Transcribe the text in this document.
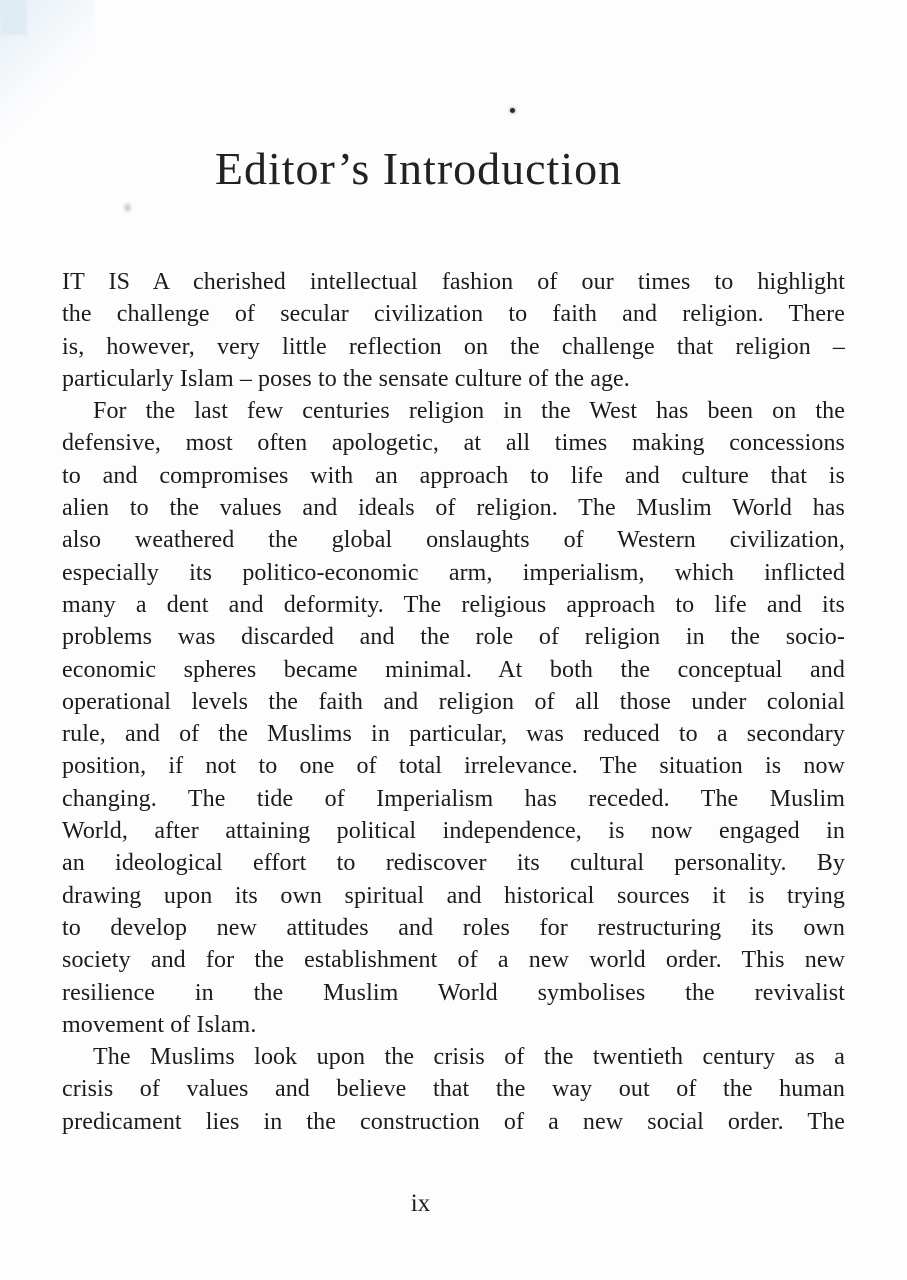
Editor’s Introduction
IT IS A cherished intellectual fashion of our times to highlight
the challenge of secular civilization to faith and religion. There
is, however, very little reflection on the challenge that religion –
particularly Islam – poses to the sensate culture of the age.
For the last few centuries religion in the West has been on the
defensive, most often apologetic, at all times making concessions
to and compromises with an approach to life and culture that is
alien to the values and ideals of religion. The Muslim World has
also weathered the global onslaughts of Western civilization,
especially its politico-economic arm, imperialism, which inflicted
many a dent and deformity. The religious approach to life and its
problems was discarded and the role of religion in the socio-
economic spheres became minimal. At both the conceptual and
operational levels the faith and religion of all those under colonial
rule, and of the Muslims in particular, was reduced to a secondary
position, if not to one of total irrelevance. The situation is now
changing. The tide of Imperialism has receded. The Muslim
World, after attaining political independence, is now engaged in
an ideological effort to rediscover its cultural personality. By
drawing upon its own spiritual and historical sources it is trying
to develop new attitudes and roles for restructuring its own
society and for the establishment of a new world order. This new
resilience in the Muslim World symbolises the revivalist
movement of Islam.
The Muslims look upon the crisis of the twentieth century as a
crisis of values and believe that the way out of the human
predicament lies in the construction of a new social order. The
ix
